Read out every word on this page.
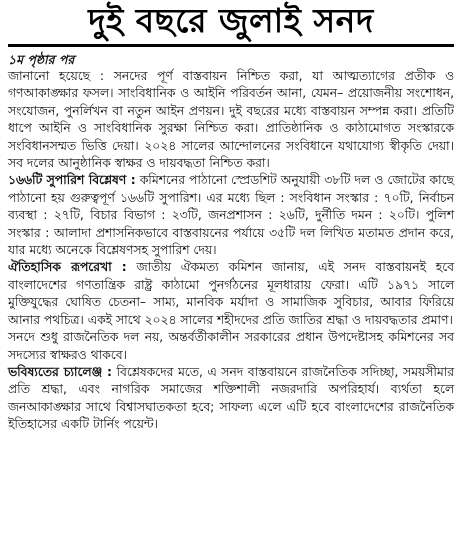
দুই বছরে জুলাই সনদ
১ম পৃষ্ঠার পর

জানানো হয়েছে : সনদের পূর্ণ বাস্তবায়ন নিশ্চিত করা, যা আত্মত্যাগের প্রতীক ও গণআকাঙ্ক্ষার ফসল। সাংবিধানিক ও আইনি পরিবর্তন আনা, যেমন– প্রয়োজনীয় সংশোধন, সংযোজন, পুনর্লিখন বা নতুন আইন প্রণয়ন। দুই বছরের মধ্যে বাস্তবায়ন সম্পন্ন করা। প্রতিটি ধাপে আইনি ও সাংবিধানিক সুরক্ষা নিশ্চিত করা। প্রাতিষ্ঠানিক ও কাঠামোগত সংস্কারকে সংবিধানসম্মত ভিত্তি দেয়া। ২০২৪ সালের আন্দোলনের সংবিধানে যথাযোগ্য স্বীকৃতি দেয়া। সব দলের আনুষ্ঠানিক স্বাক্ষর ও দায়বদ্ধতা নিশ্চিত করা।

১৬৬টি সুপারিশ বিশ্লেষণ : কমিশনের পাঠানো স্প্রেডশিট অনুযায়ী ৩৮টি দল ও জোটের কাছে পাঠানো হয় গুরুত্বপূর্ণ ১৬৬টি সুপারিশ। এর মধ্যে ছিল : সংবিধান সংস্কার : ৭০টি, নির্বাচন ব্যবস্থা : ২৭টি, বিচার বিভাগ : ২৩টি, জনপ্রশাসন : ২৬টি, দুর্নীতি দমন : ২০টি। পুলিশ সংস্কার : আলাদা প্রশাসনিকভাবে বাস্তবায়নের পর্যায়ে ৩৫টি দল লিখিত মতামত প্রদান করে, যার মধ্যে অনেকে বিশ্লেষণসহ সুপারিশ দেয়।

ঐতিহাসিক রূপরেখা : জাতীয় ঐকমত্য কমিশন জানায়, এই সনদ বাস্তবায়নই হবে বাংলাদেশের গণতান্ত্রিক রাষ্ট্র কাঠামো পুনর্গঠনের মূলধারায় ফেরা। এটি ১৯৭১ সালে মুক্তিযুদ্ধের ঘোষিত চেতনা– সাম্য, মানবিক মর্যাদা ও সামাজিক সুবিচার, আবার ফিরিয়ে আনার পথচিত্র। একই সাথে ২০২৪ সালের শহীদদের প্রতি জাতির শ্রদ্ধা ও দায়বদ্ধতার প্রমাণ।

সনদে শুধু রাজনৈতিক দল নয়, অন্তর্বর্তীকালীন সরকারের প্রধান উপদেষ্টাসহ কমিশনের সব সদস্যের স্বাক্ষরও থাকবে।

ভবিষ্যতের চ্যালেঞ্জ : বিশ্লেষকদের মতে, এ সনদ বাস্তবায়নে রাজনৈতিক সদিচ্ছা, সময়সীমার প্রতি শ্রদ্ধা, এবং নাগরিক সমাজের শক্তিশালী নজরদারি অপরিহার্য। ব্যর্থতা হলে জনআকাঙ্ক্ষার সাথে বিশ্বাসঘাতকতা হবে; সাফল্য এলে এটি হবে বাংলাদেশের রাজনৈতিক ইতিহাসের একটি টার্নিং পয়েন্ট।
